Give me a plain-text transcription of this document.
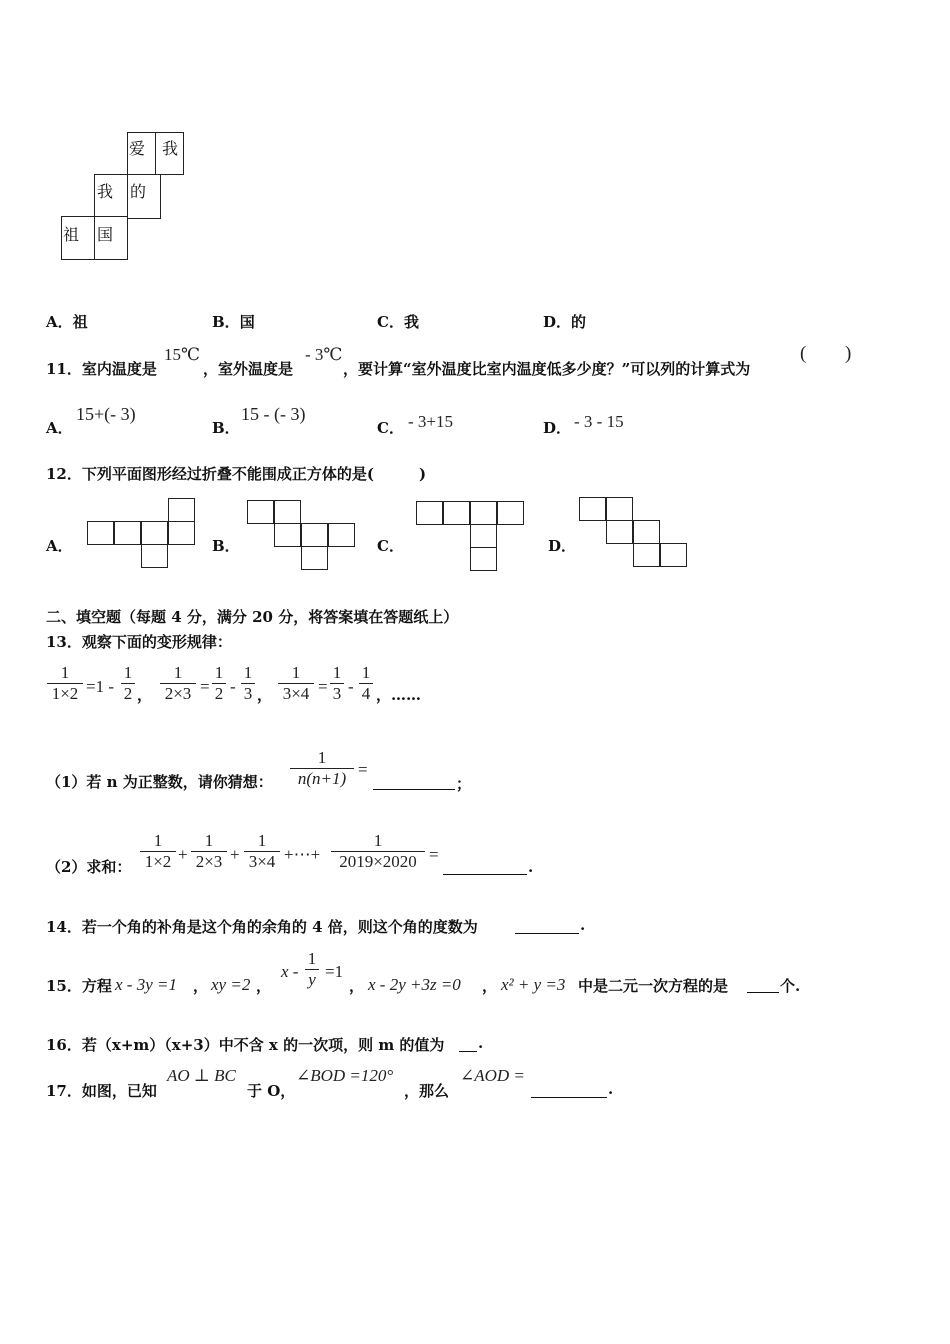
爱 我
我 的
祖 国
A．祖	B．国	C．我	D．的
11．室内温度是
15℃
，室外温度是
- 3℃
，要计算“室外温度比室内温度低多少度？”可以列的计算式为
( )
A．
15+(- 3)
B．
15 - (- 3)
C． - 3+15	D． - 3 - 15
12．下列平面图形经过折叠不能围成正方体的是(　　　)
A．	B．	C．	D．
二、填空题（每题 4 分，满分 20 分，将答案填在答题纸上）
13．观察下面的变形规律：
1
1×2 =1 -
1
2 ，
1
2×3 =
1
2 -
1
3 ，
1
3×4 =
1
3 -
1
4 ，……
（1）若 n 为正整数，请你猜想：
1
n(n+1) =
；
（2）求和：
1
1×2 +
1
2×3 +
1
3×4 +⋯+
1
2019×2020 =
.
14．若一个角的补角是这个角的余角的 4 倍，则这个角的度数为	.
15．方程 x - 3y =1 ， xy =2 ，
x -
1
y =1
， x - 2y +3z =0 ， x² + y =3 中是二元一次方程的是	个.
16．若（x+m）（x+3）中不含 x 的一次项，则 m 的值为 .
17．如图，已知
AO ⊥ BC
于 O，
∠BOD =120°
，那么
∠AOD =
.
